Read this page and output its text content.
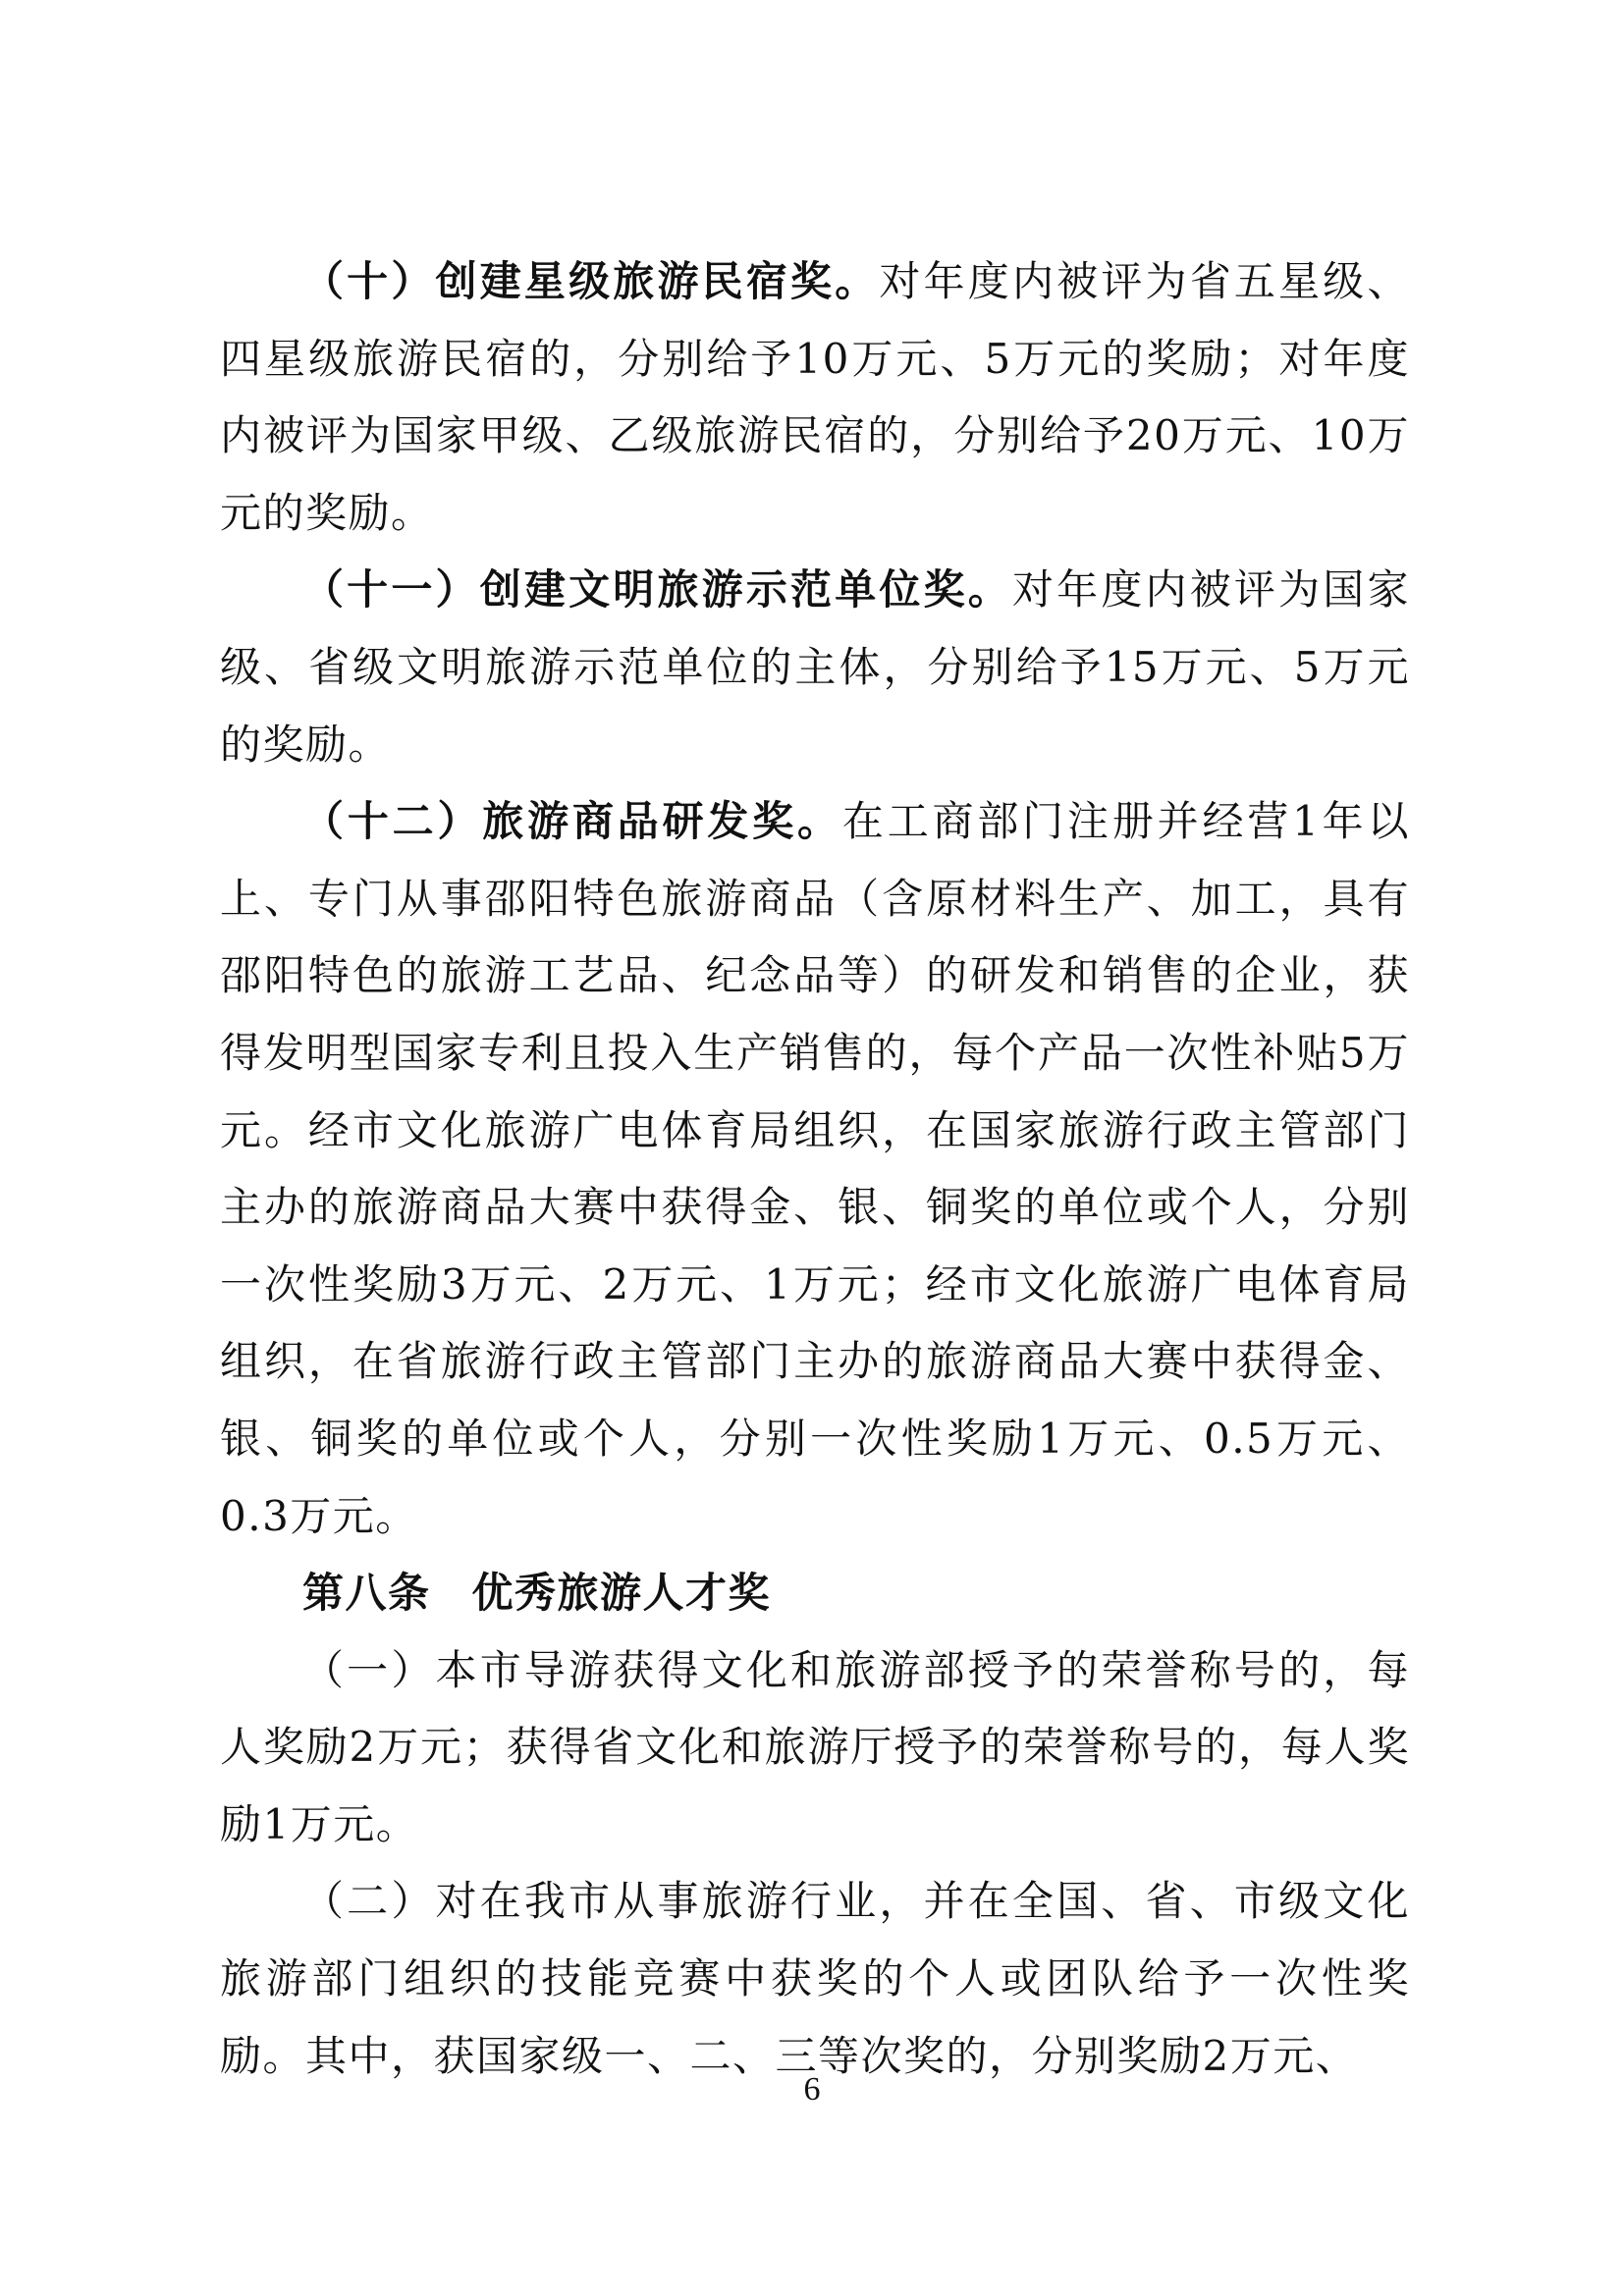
（十）创建星级旅游民宿奖。对年度内被评为省五星级、四星级旅游民宿的，分别给予10万元、5万元的奖励；对年度内被评为国家甲级、乙级旅游民宿的，分别给予20万元、10万元的奖励。

（十一）创建文明旅游示范单位奖。对年度内被评为国家级、省级文明旅游示范单位的主体，分别给予15万元、5万元的奖励。

（十二）旅游商品研发奖。在工商部门注册并经营1年以上、专门从事邵阳特色旅游商品（含原材料生产、加工，具有邵阳特色的旅游工艺品、纪念品等）的研发和销售的企业，获得发明型国家专利且投入生产销售的，每个产品一次性补贴5万元。经市文化旅游广电体育局组织，在国家旅游行政主管部门主办的旅游商品大赛中获得金、银、铜奖的单位或个人，分别一次性奖励3万元、2万元、1万元；经市文化旅游广电体育局组织，在省旅游行政主管部门主办的旅游商品大赛中获得金、银、铜奖的单位或个人，分别一次性奖励1万元、0.5万元、0.3万元。

第八条 优秀旅游人才奖

（一）本市导游获得文化和旅游部授予的荣誉称号的，每人奖励2万元；获得省文化和旅游厅授予的荣誉称号的，每人奖励1万元。

（二）对在我市从事旅游行业，并在全国、省、市级文化旅游部门组织的技能竞赛中获奖的个人或团队给予一次性奖励。其中，获国家级一、二、三等次奖的，分别奖励2万元、

6
